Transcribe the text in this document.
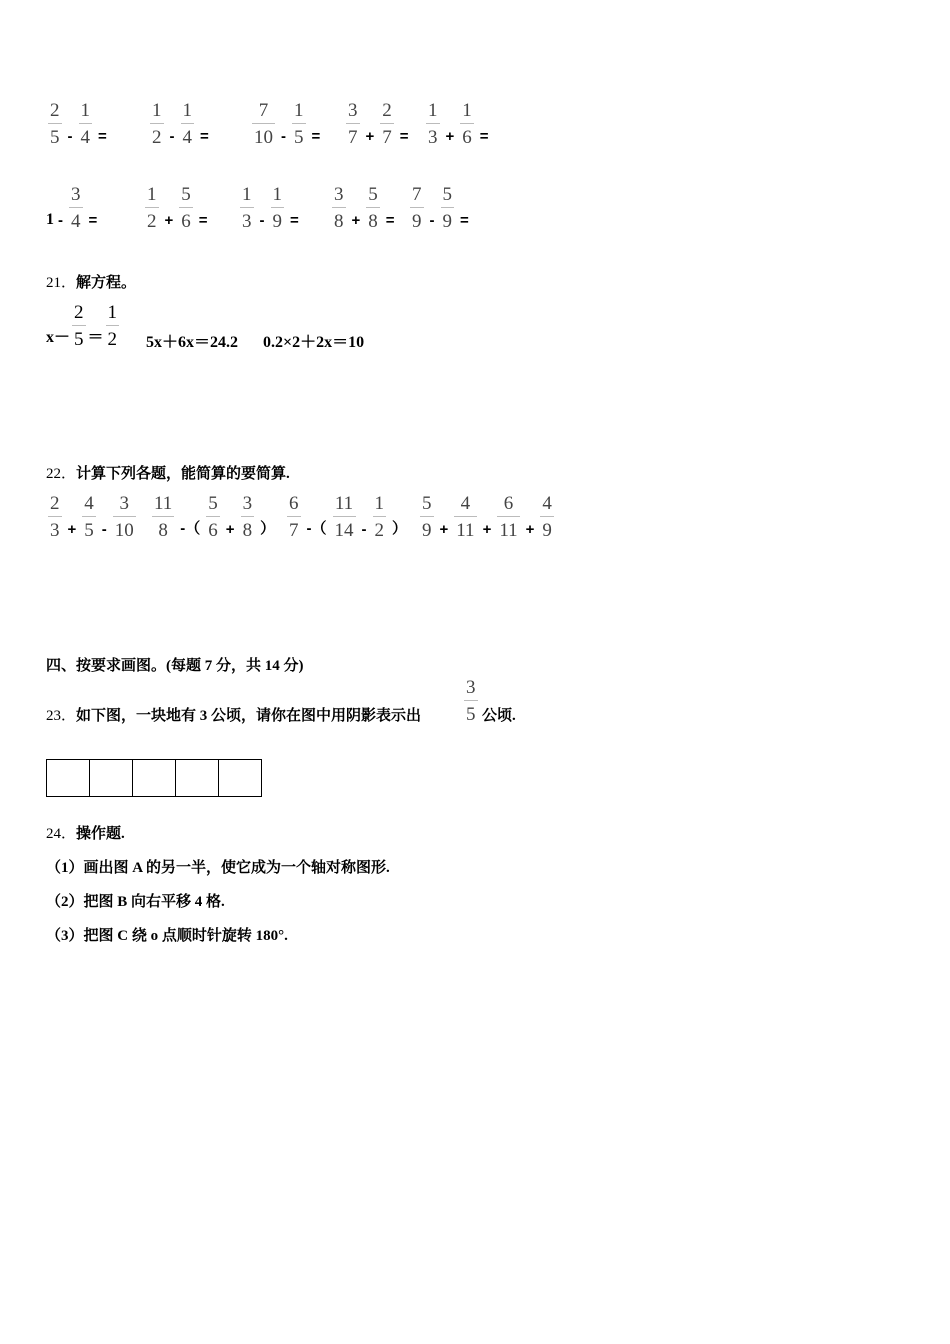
$\frac{2}{5} - \frac{1}{4} = \frac{1}{2} - \frac{1}{4} = \frac{7}{10} - \frac{1}{5} = \frac{3}{7} + \frac{2}{7} = \frac{1}{3} + \frac{1}{6}$ =
$1 - \frac{3}{4}$ =	$\frac{1}{2} + \frac{5}{6} = \frac{1}{3} - \frac{1}{9} = \frac{3}{8} + \frac{5}{8} = \frac{7}{9} - \frac{5}{9}$ =
21．解方程。
$x- \frac{2}{5} = \frac{1}{2} 5x+6x=24.2$ 0.2×2＋2x＝10
22．计算下列各题，能简算的要简算.
$\frac{2}{3} + \frac{4}{5} - \frac{3}{10} \frac{11}{8}$ -（ $\frac{5}{6} + \frac{3}{8}$ ） $\frac{6}{7}$ -（ $\frac{11}{14} - \frac{1}{2}$ ） $\frac{5}{9} + \frac{4}{11} + \frac{6}{11} + \frac{4}{9}$
四、按要求画图。(每题 7 分，共 14 分)
23．如下图，一块地有 3 公顷，请你在图中用阴影表示出 $\frac{3}{5}$ 公顷.
24．操作题.
（1）画出图 A 的另一半，使它成为一个轴对称图形.
（2）把图 B 向右平移 4 格.
（3）把图 C 绕 o 点顺时针旋转 180°.
